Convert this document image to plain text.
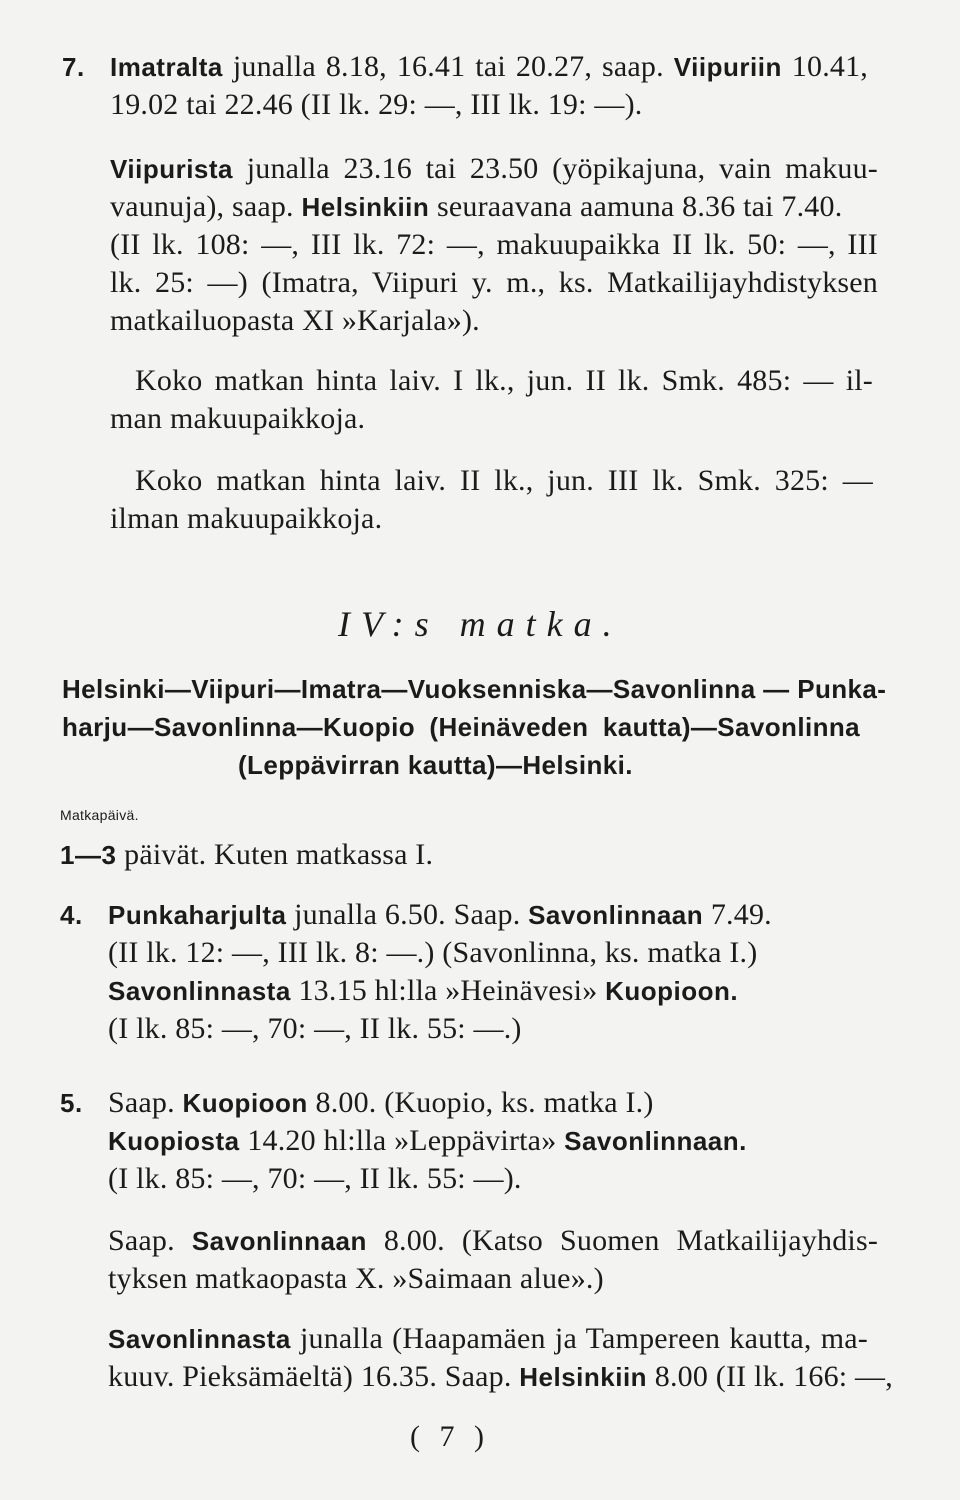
7. Imatralta junalla 8.18, 16.41 tai 20.27, saap. Viipuriin 10.41,

19.02 tai 22.46 (II lk. 29: —, III lk. 19: —).

Viipurista junalla 23.16 tai 23.50 (yöpikajuna, vain makuu-

vaunuja), saap. Helsinkiin seuraavana aamuna 8.36 tai 7.40.

(II lk. 108: —, III lk. 72: —, makuupaikka II lk. 50: —, III

lk. 25: —) (Imatra, Viipuri y. m., ks. Matkailijayhdistyksen

matkailuopasta XI »Karjala»).

Koko matkan hinta laiv. I lk., jun. II lk. Smk. 485: — il-

man makuupaikkoja.

Koko matkan hinta laiv. II lk., jun. III lk. Smk. 325: —

ilman makuupaikkoja.

IV:s matka.

Helsinki—Viipuri—Imatra—Vuoksenniska—Savonlinna — Punka-

harju—Savonlinna—Kuopio (Heinäveden kautta)—Savonlinna

(Leppävirran kautta)—Helsinki.

Matkapäivä.

1—3 päivät. Kuten matkassa I.

4. Punkaharjulta junalla 6.50. Saap. Savonlinnaan 7.49.

(II lk. 12: —, III lk. 8: —.) (Savonlinna, ks. matka I.)

Savonlinnasta 13.15 hl:lla »Heinävesi» Kuopioon.

(I lk. 85: —, 70: —, II lk. 55: —.)

5. Saap. Kuopioon 8.00. (Kuopio, ks. matka I.)

Kuopiosta 14.20 hl:lla »Leppävirta» Savonlinnaan.

(I lk. 85: —, 70: —, II lk. 55: —).

Saap. Savonlinnaan 8.00. (Katso Suomen Matkailijayhdis-

tyksen matkaopasta X. »Saimaan alue».)

Savonlinnasta junalla (Haapamäen ja Tampereen kautta, ma-

kuuv. Pieksämäeltä) 16.35. Saap. Helsinkiin 8.00 (II lk. 166: —,

( 7 )
